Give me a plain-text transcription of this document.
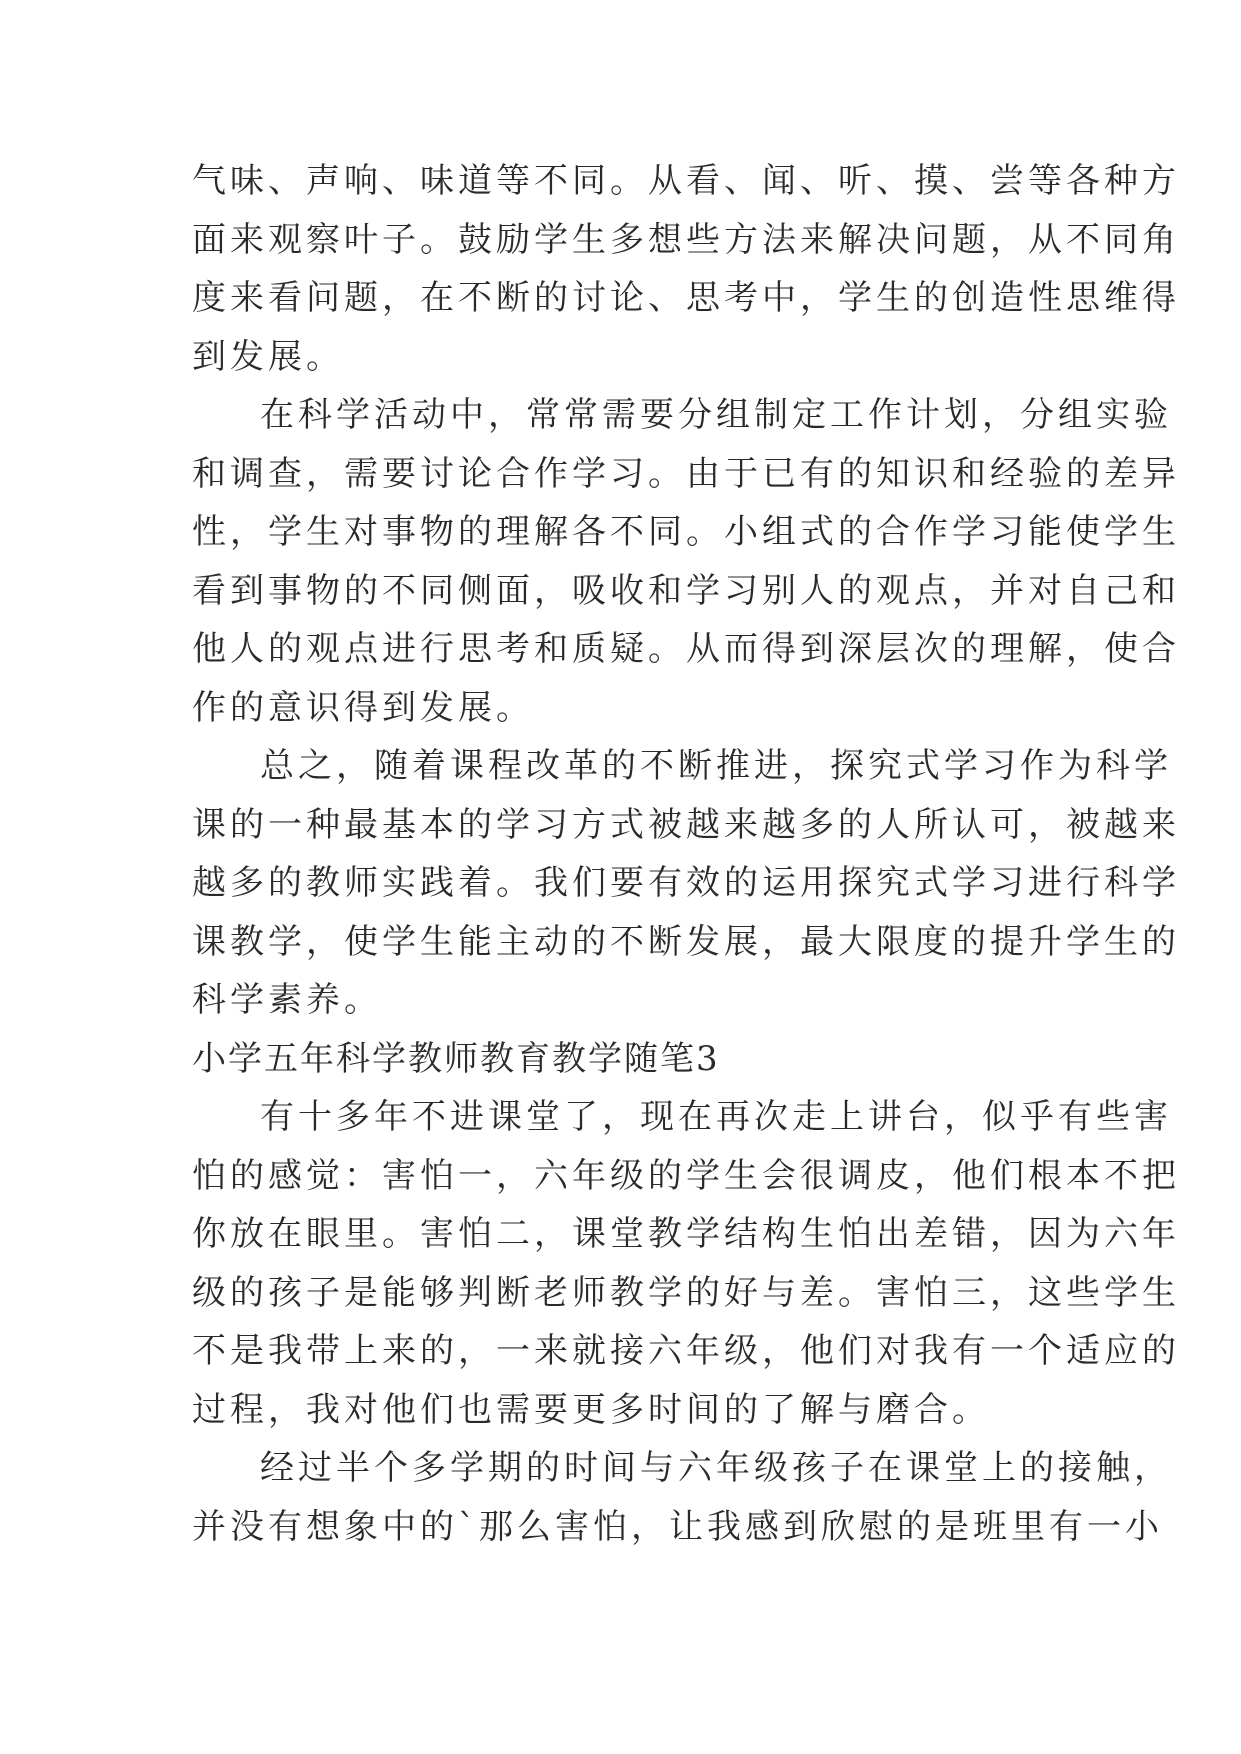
气味、声响、味道等不同。从看、闻、听、摸、尝等各种方
面来观察叶子。鼓励学生多想些方法来解决问题，从不同角
度来看问题，在不断的讨论、思考中，学生的创造性思维得
到发展。
在科学活动中，常常需要分组制定工作计划，分组实验
和调查，需要讨论合作学习。由于已有的知识和经验的差异
性，学生对事物的理解各不同。小组式的合作学习能使学生
看到事物的不同侧面，吸收和学习别人的观点，并对自己和
他人的观点进行思考和质疑。从而得到深层次的理解，使合
作的意识得到发展。
总之，随着课程改革的不断推进，探究式学习作为科学
课的一种最基本的学习方式被越来越多的人所认可，被越来
越多的教师实践着。我们要有效的运用探究式学习进行科学
课教学，使学生能主动的不断发展，最大限度的提升学生的
科学素养。
小学五年科学教师教育教学随笔3
有十多年不进课堂了，现在再次走上讲台，似乎有些害
怕的感觉：害怕一，六年级的学生会很调皮，他们根本不把
你放在眼里。害怕二，课堂教学结构生怕出差错，因为六年
级的孩子是能够判断老师教学的好与差。害怕三，这些学生
不是我带上来的，一来就接六年级，他们对我有一个适应的
过程，我对他们也需要更多时间的了解与磨合。
经过半个多学期的时间与六年级孩子在课堂上的接触，
并没有想象中的`那么害怕，让我感到欣慰的是班里有一小
